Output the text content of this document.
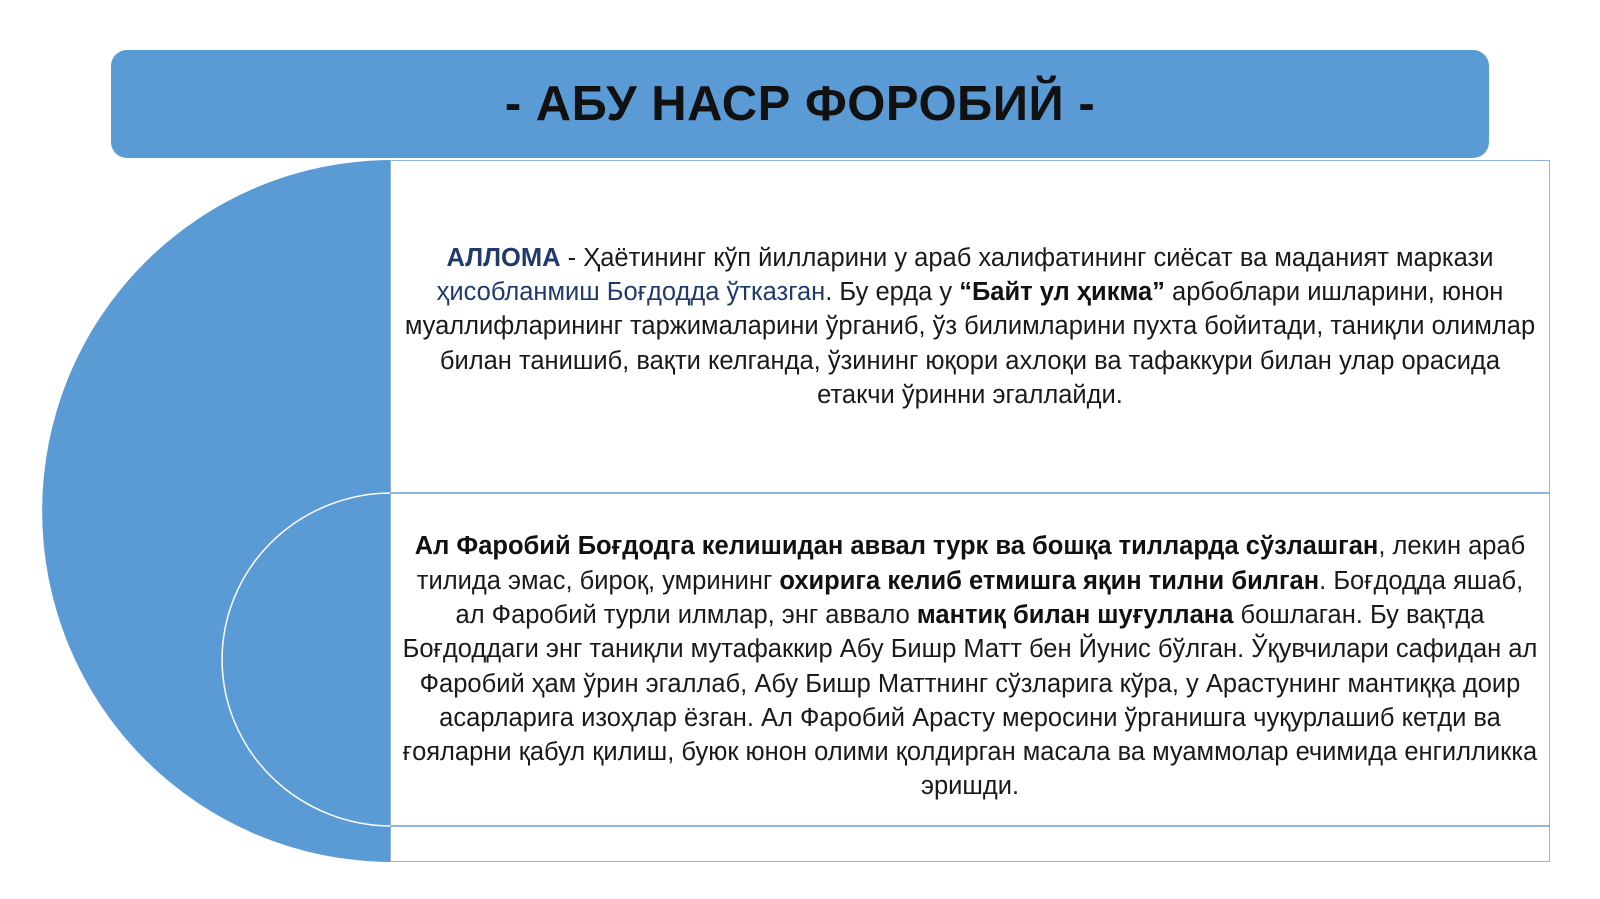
- АБУ НАСР ФОРОБИЙ -

АЛЛОМА - Ҳаётининг кўп йилларини у араб халифатининг сиёсат ва маданият маркази ҳисобланмиш Боғдодда ўтказган. Бу ерда у “Байт ул ҳикма” арбоблари ишларини, юнон муаллифларининг таржималарини ўрганиб, ўз билимларини пухта бойитади, таниқли олимлар билан танишиб, вақти келганда, ўзининг юқори ахлоқи ва тафаккури билан улар орасида етакчи ўринни эгаллайди.

Ал Фаробий Боғдодга келишидан аввал турк ва бошқа тилларда сўзлашган, лекин араб тилида эмас, бироқ, умрининг охирига келиб етмишга яқин тилни билган. Боғдодда яшаб, ал Фаробий турли илмлар, энг аввало мантиқ билан шуғуллана бошлаган. Бу вақтда Боғдоддаги энг таниқли мутафаккир Абу Бишр Матт бен Йунис бўлган. Ўқувчилари сафидан ал Фаробий ҳам ўрин эгаллаб, Абу Бишр Маттнинг сўзларига кўра, у Арастунинг мантиққа доир асарларига изоҳлар ёзган. Ал Фаробий Арасту меросини ўрганишга чуқурлашиб кетди ва ғояларни қабул қилиш, буюк юнон олими қолдирган масала ва муаммолар ечимида енгилликка эришди.
